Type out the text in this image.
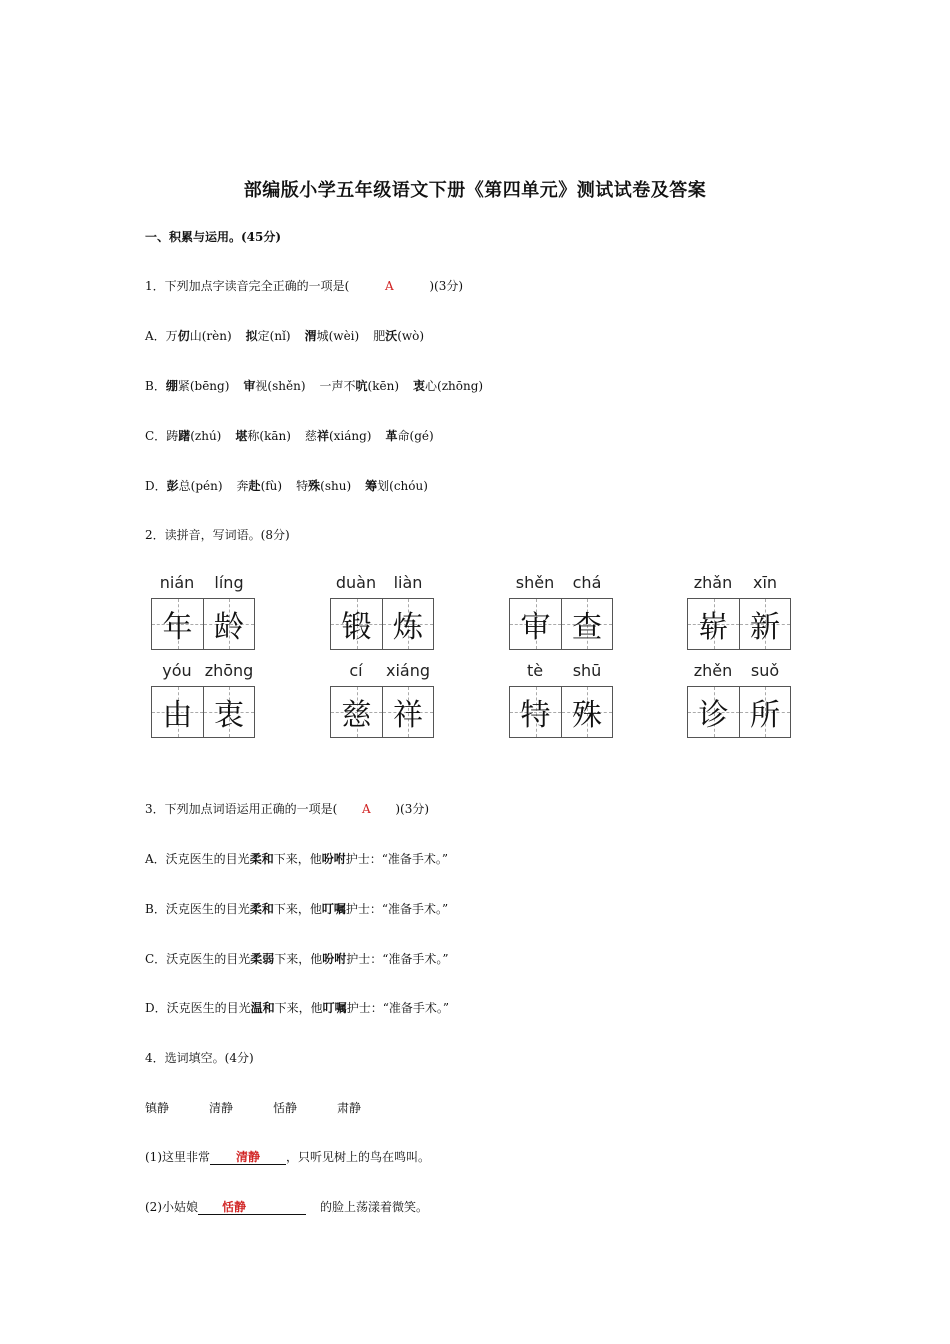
部编版小学五年级语文下册《第四单元》测试试卷及答案
一、积累与运用。(45分)
1．下列加点字读音完全正确的一项是(	A	)(3分)
A．万仞山(rèn) 拟定(nǐ) 渭城(wèi) 肥沃(wò)
B．绷紧(bēng) 审视(shěn) 一声不吭(kēn) 衷心(zhōng)
C．踌躇(zhú) 堪称(kān) 慈祥(xiáng) 革命(gé)
D．彭总(pén) 奔赴(fù) 特殊(shu) 筹划(chóu)
2．读拼音，写词语。(8分)
nián	líng
年 龄
duàn	liàn
锻 炼
shěn	chá
审 查
zhǎn	xīn
崭 新
yóu zhōng
由 衷
cí	xiáng
慈 祥
tè	shū
特 殊
zhěn	suǒ
诊 所
3．下列加点词语运用正确的一项是( A )(3分)
A．沃克医生的目光柔和下来，他吩咐护士：“准备手术。”
B．沃克医生的目光柔和下来，他叮嘱护士：“准备手术。”
C．沃克医生的目光柔弱下来，他吩咐护士：“准备手术。”
D．沃克医生的目光温和下来，他叮嘱护士：“准备手术。”
4．选词填空。(4分)
镇静	清静	恬静	肃静
(1)这里非常 清静 ，只听见树上的鸟在鸣叫。
(2)小姑娘 恬静	的脸上荡漾着微笑。
